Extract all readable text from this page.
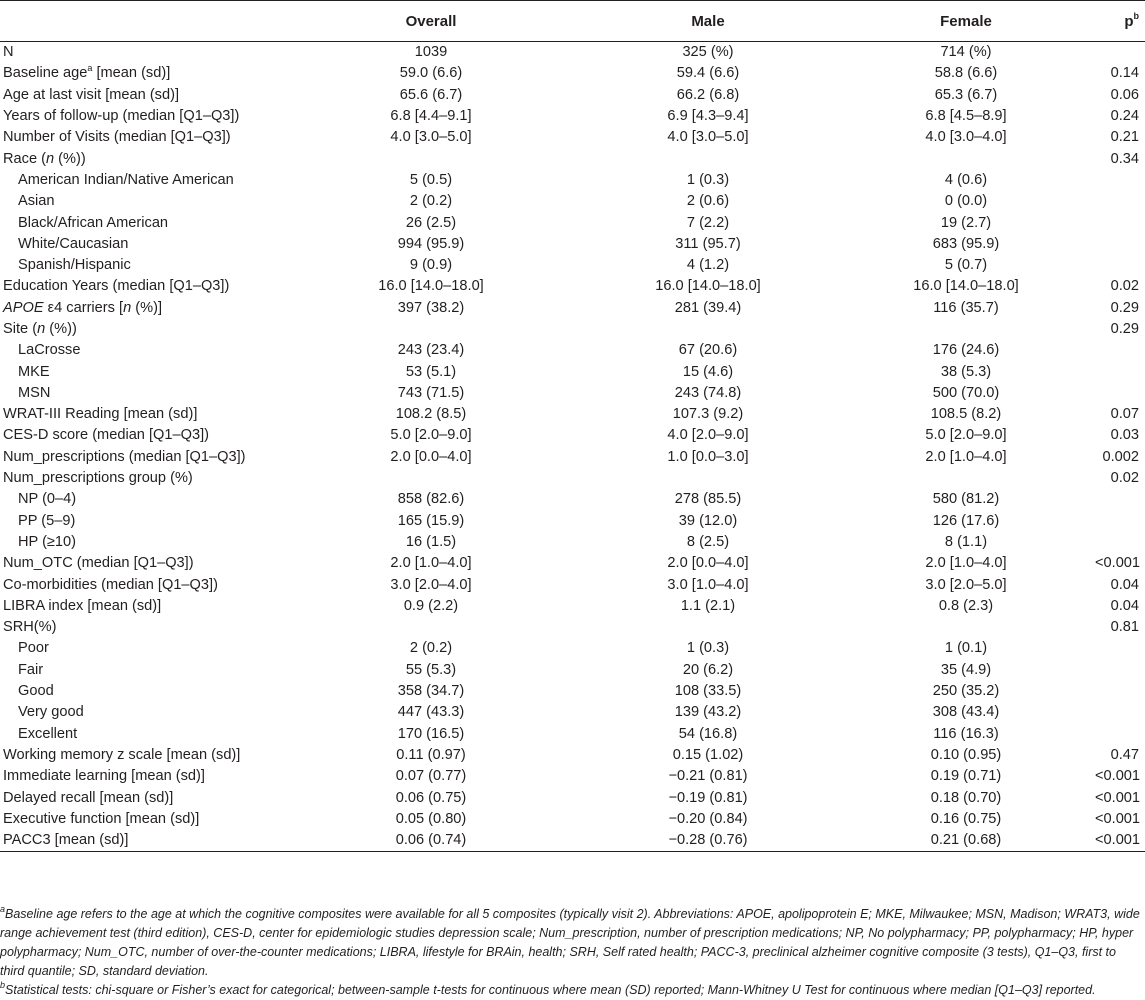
	Overall	Male	Female	$p^b$
N	1039	325 (%)	714 (%)	
Baseline age$^a$ [mean (sd)]	59.0 (6.6)	59.4 (6.6)	58.8 (6.6)	0.14
Age at last visit [mean (sd)]	65.6 (6.7)	66.2 (6.8)	65.3 (6.7)	0.06
Years of follow-up (median [Q1–Q3])	6.8 [4.4–9.1]	6.9 [4.3–9.4]	6.8 [4.5–8.9]	0.24
Number of Visits (median [Q1–Q3])	4.0 [3.0–5.0]	4.0 [3.0–5.0]	4.0 [3.0–4.0]	0.21
Race (n (%))				0.34
American Indian/Native American	5 (0.5)	1 (0.3)	4 (0.6)	
Asian	2 (0.2)	2 (0.6)	0 (0.0)	
Black/African American	26 (2.5)	7 (2.2)	19 (2.7)	
White/Caucasian	994 (95.9)	311 (95.7)	683 (95.9)	
Spanish/Hispanic	9 (0.9)	4 (1.2)	5 (0.7)	
Education Years (median [Q1–Q3])	16.0 [14.0–18.0]	16.0 [14.0–18.0]	16.0 [14.0–18.0]	0.02
APOE ε4 carriers [n (%)]	397 (38.2)	281 (39.4)	116 (35.7)	0.29
Site (n (%))				0.29
LaCrosse	243 (23.4)	67 (20.6)	176 (24.6)	
MKE	53 (5.1)	15 (4.6)	38 (5.3)	
MSN	743 (71.5)	243 (74.8)	500 (70.0)	
WRAT-III Reading [mean (sd)]	108.2 (8.5)	107.3 (9.2)	108.5 (8.2)	0.07
CES-D score (median [Q1–Q3])	5.0 [2.0–9.0]	4.0 [2.0–9.0]	5.0 [2.0–9.0]	0.03
Num_prescriptions (median [Q1–Q3])	2.0 [0.0–4.0]	1.0 [0.0–3.0]	2.0 [1.0–4.0]	0.002
Num_prescriptions group (%)				0.02
NP (0–4)	858 (82.6)	278 (85.5)	580 (81.2)	
PP (5–9)	165 (15.9)	39 (12.0)	126 (17.6)	
HP (≥10)	16 (1.5)	8 (2.5)	8 (1.1)	
Num_OTC (median [Q1–Q3])	2.0 [1.0–4.0]	2.0 [0.0–4.0]	2.0 [1.0–4.0]	<0.001
Co-morbidities (median [Q1–Q3])	3.0 [2.0–4.0]	3.0 [1.0–4.0]	3.0 [2.0–5.0]	0.04
LIBRA index [mean (sd)]	0.9 (2.2)	1.1 (2.1)	0.8 (2.3)	0.04
SRH(%)				0.81
Poor	2 (0.2)	1 (0.3)	1 (0.1)	
Fair	55 (5.3)	20 (6.2)	35 (4.9)	
Good	358 (34.7)	108 (33.5)	250 (35.2)	
Very good	447 (43.3)	139 (43.2)	308 (43.4)	
Excellent	170 (16.5)	54 (16.8)	116 (16.3)	
Working memory z scale [mean (sd)]	0.11 (0.97)	0.15 (1.02)	0.10 (0.95)	0.47
Immediate learning [mean (sd)]	0.07 (0.77)	−0.21 (0.81)	0.19 (0.71)	<0.001
Delayed recall [mean (sd)]	0.06 (0.75)	−0.19 (0.81)	0.18 (0.70)	<0.001
Executive function [mean (sd)]	0.05 (0.80)	−0.20 (0.84)	0.16 (0.75)	<0.001
PACC3 [mean (sd)]	0.06 (0.74)	−0.28 (0.76)	0.21 (0.68)	<0.001

$^a$Baseline age refers to the age at which the cognitive composites were available for all 5 composites (typically visit 2). Abbreviations: APOE, apolipoprotein E; MKE, Milwaukee; MSN, Madison; WRAT3, wide range achievement test (third edition), CES-D, center for epidemiologic studies depression scale; Num_prescription, number of prescription medications; NP, No polypharmacy; PP, polypharmacy; HP, hyper polypharmacy; Num_OTC, number of over-the-counter medications; LIBRA, lifestyle for BRAin, health; SRH, Self rated health; PACC-3, preclinical alzheimer cognitive composite (3 tests), Q1–Q3, first to third quantile; SD, standard deviation.

$^b$Statistical tests: chi-square or Fisher’s exact for categorical; between-sample t-tests for continuous where mean (SD) reported; Mann-Whitney U Test for continuous where median [Q1–Q3] reported.
